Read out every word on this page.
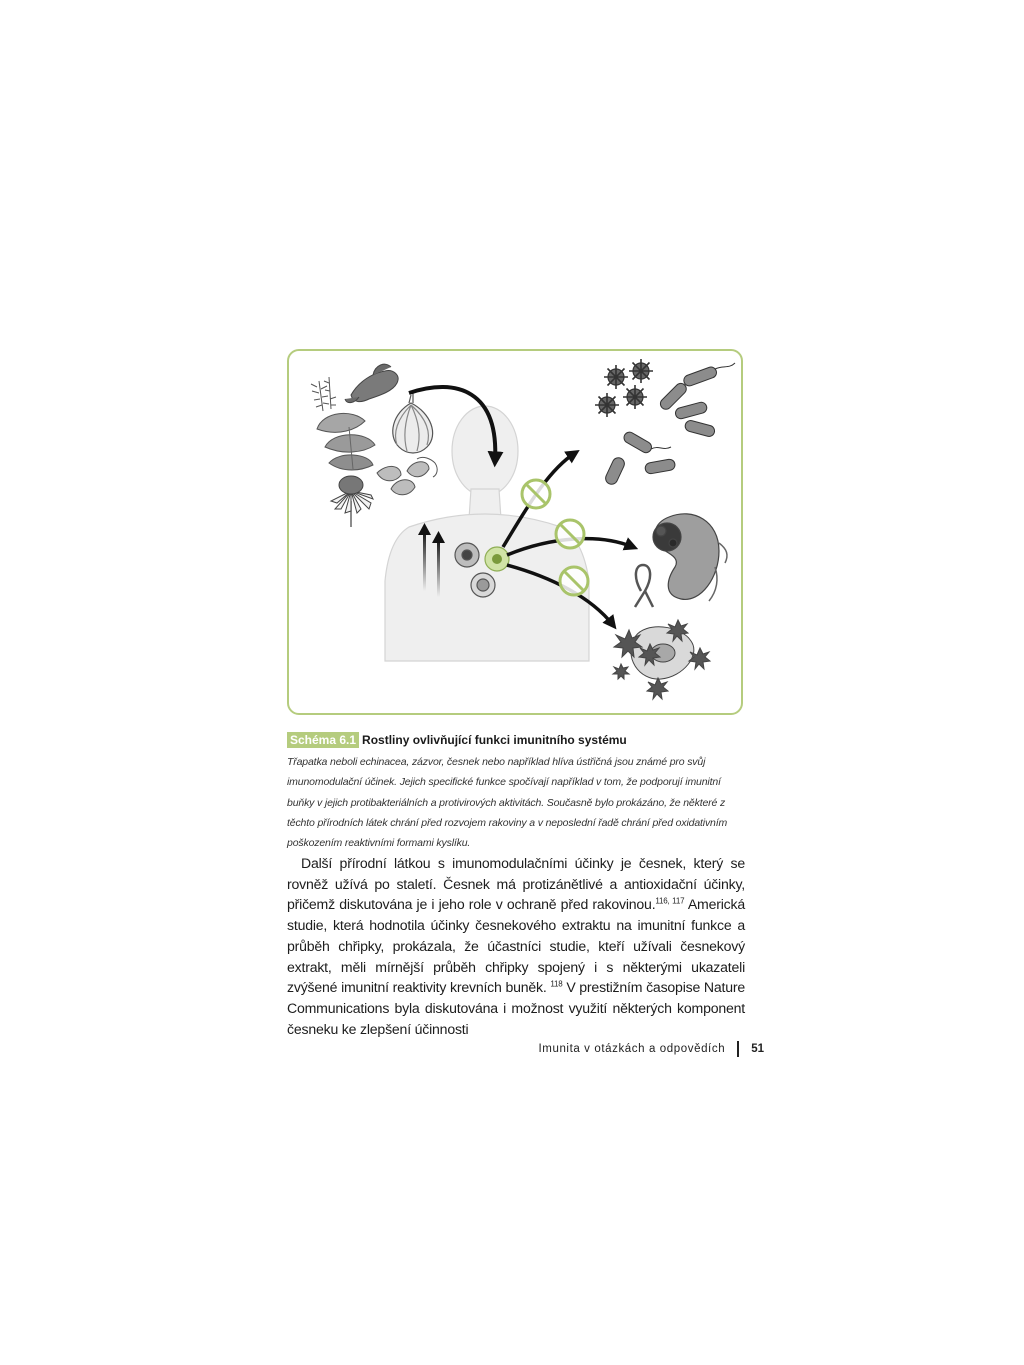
Schéma 6.1 Rostliny ovlivňující funkci imunitního systému
Třapatka neboli echinacea, zázvor, česnek nebo například hlíva ústřičná jsou známé pro svůj imunomodulační účinek. Jejich specifické funkce spočívají například v tom, že podporují imunitní buňky v jejich protibakteriálních a protivirových aktivitách. Současně bylo prokázáno, že některé z těchto přírodních látek chrání před rozvojem rakoviny a v neposlední řadě chrání před oxidativním poškozením reaktivními formami kyslíku.

Další přírodní látkou s imunomodulačními účinky je česnek, který se rovněž užívá po staletí. Česnek má protizánětlivé a antioxidační účinky, přičemž diskutována je i jeho role v ochraně před rakovinou.$^{116, 117}$ Americká studie, která hodnotila účinky česnekového extraktu na imunitní funkce a průběh chřipky, prokázala, že účastníci studie, kteří užívali česnekový extrakt, měli mírnější průběh chřipky spojený i s některými ukazateli zvýšené imunitní reaktivity krevních buněk. $^{118}$ V prestižním časopise Nature Communications byla diskutována i možnost využití některých komponent česneku ke zlepšení účinnosti

Imunita v otázkách a odpovědích 51
